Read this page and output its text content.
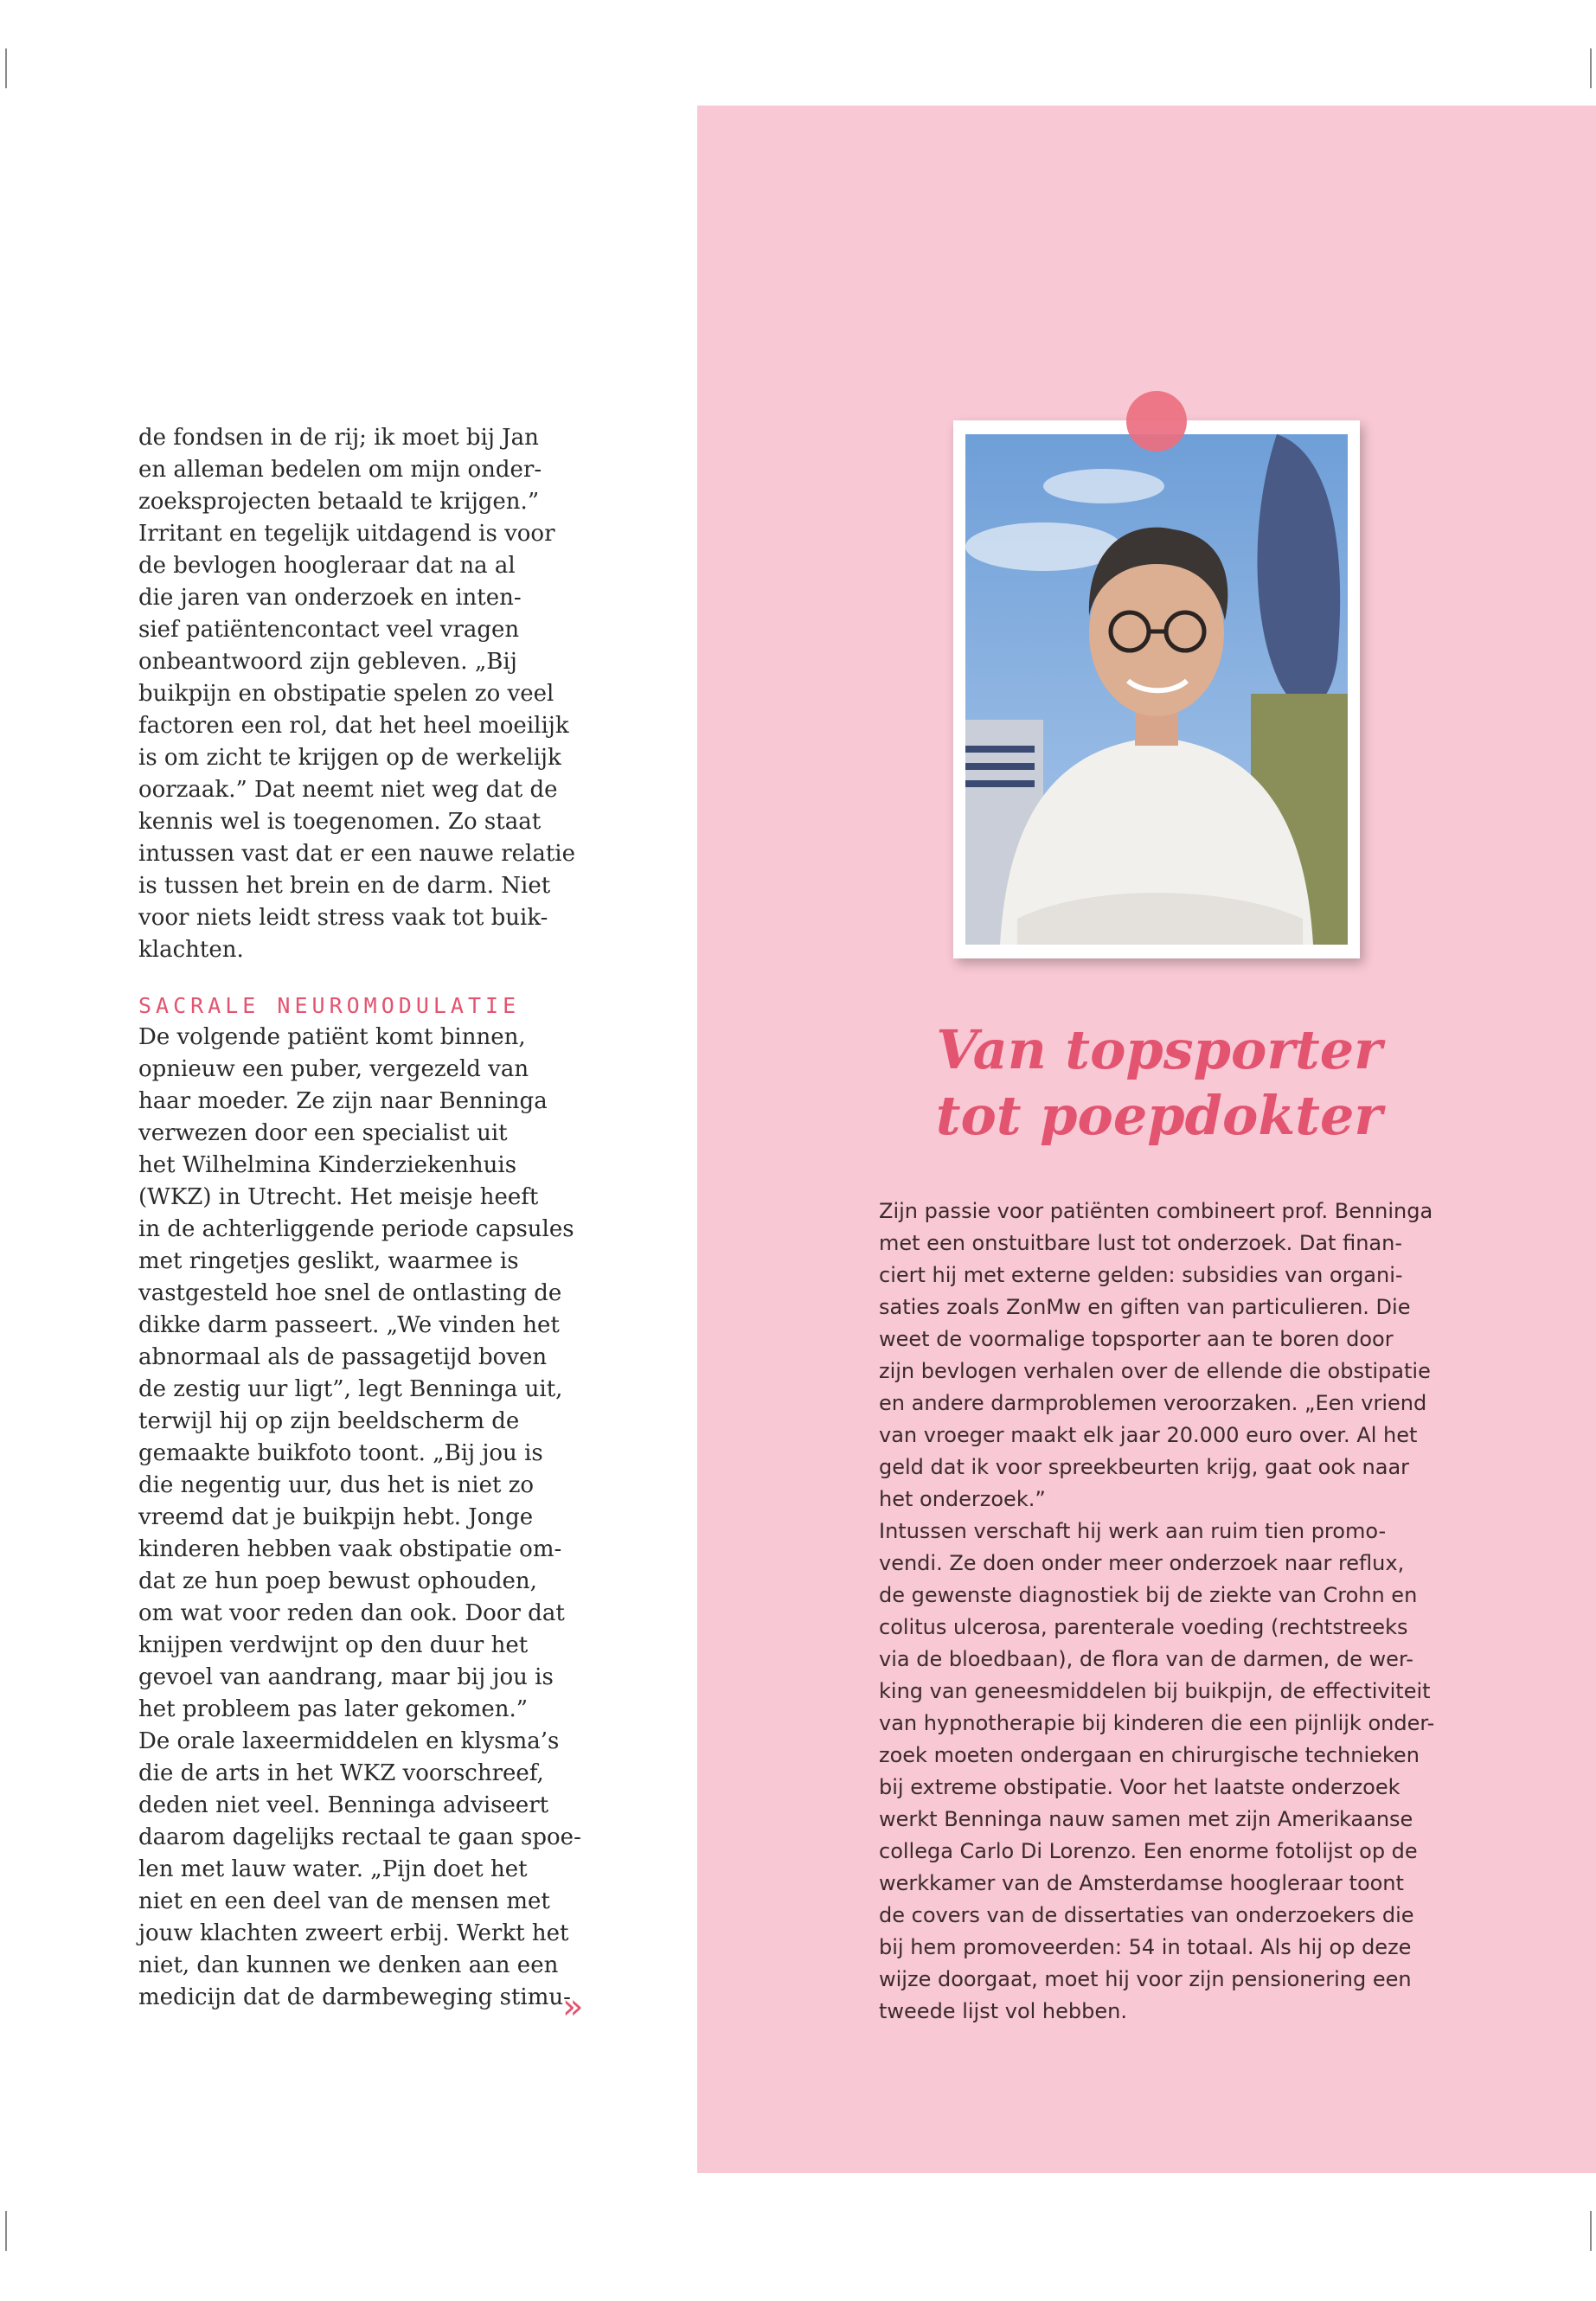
de fondsen in de rij; ik moet bij Jan
en alleman bedelen om mijn onder-
zoeksprojecten betaald te krijgen.”
Irritant en tegelijk uitdagend is voor
de bevlogen hoogleraar dat na al
die jaren van onderzoek en inten-
sief patiëntencontact veel vragen
onbeantwoord zijn gebleven. „Bij
buikpijn en obstipatie spelen zo veel
factoren een rol, dat het heel moeilijk
is om zicht te krijgen op de werkelijk
oorzaak.” Dat neemt niet weg dat de
kennis wel is toegenomen. Zo staat
intussen vast dat er een nauwe relatie
is tussen het brein en de darm. Niet
voor niets leidt stress vaak tot buik-
klachten.

SACRALE NEUROMODULATIE

De volgende patiënt komt binnen,
opnieuw een puber, vergezeld van
haar moeder. Ze zijn naar Benninga
verwezen door een specialist uit
het Wilhelmina Kinderziekenhuis
(WKZ) in Utrecht. Het meisje heeft
in de achterliggende periode capsules
met ringetjes geslikt, waarmee is
vastgesteld hoe snel de ontlasting de
dikke darm passeert. „We vinden het
abnormaal als de passagetijd boven
de zestig uur ligt”, legt Benninga uit,
terwijl hij op zijn beeldscherm de
gemaakte buikfoto toont. „Bij jou is
die negentig uur, dus het is niet zo
vreemd dat je buikpijn hebt. Jonge
kinderen hebben vaak obstipatie om-
dat ze hun poep bewust ophouden,
om wat voor reden dan ook. Door dat
knijpen verdwijnt op den duur het
gevoel van aandrang, maar bij jou is
het probleem pas later gekomen.”
De orale laxeermiddelen en klysma’s
die de arts in het WKZ voorschreef,
deden niet veel. Benninga adviseert
daarom dagelijks rectaal te gaan spoe-
len met lauw water. „Pijn doet het
niet en een deel van de mensen met
jouw klachten zweert erbij. Werkt het
niet, dan kunnen we denken aan een
medicijn dat de darmbeweging stimu-

»
Van topsporter
tot poepdokter

Zijn passie voor patiënten combineert prof. Benninga
met een onstuitbare lust tot onderzoek. Dat finan-
ciert hij met externe gelden: subsidies van organi-
saties zoals ZonMw en giften van particulieren. Die
weet de voormalige topsporter aan te boren door
zijn bevlogen verhalen over de ellende die obstipatie
en andere darmproblemen veroorzaken. „Een vriend
van vroeger maakt elk jaar 20.000 euro over. Al het
geld dat ik voor spreekbeurten krijg, gaat ook naar
het onderzoek.”

Intussen verschaft hij werk aan ruim tien promo-
vendi. Ze doen onder meer onderzoek naar reflux,
de gewenste diagnostiek bij de ziekte van Crohn en
colitus ulcerosa, parenterale voeding (rechtstreeks
via de bloedbaan), de flora van de darmen, de wer-
king van geneesmiddelen bij buikpijn, de effectiviteit
van hypnotherapie bij kinderen die een pijnlijk onder-
zoek moeten ondergaan en chirurgische technieken
bij extreme obstipatie. Voor het laatste onderzoek
werkt Benninga nauw samen met zijn Amerikaanse
collega Carlo Di Lorenzo. Een enorme fotolijst op de
werkkamer van de Amsterdamse hoogleraar toont
de covers van de dissertaties van onderzoekers die
bij hem promoveerden: 54 in totaal. Als hij op deze
wijze doorgaat, moet hij voor zijn pensionering een
tweede lijst vol hebben.
